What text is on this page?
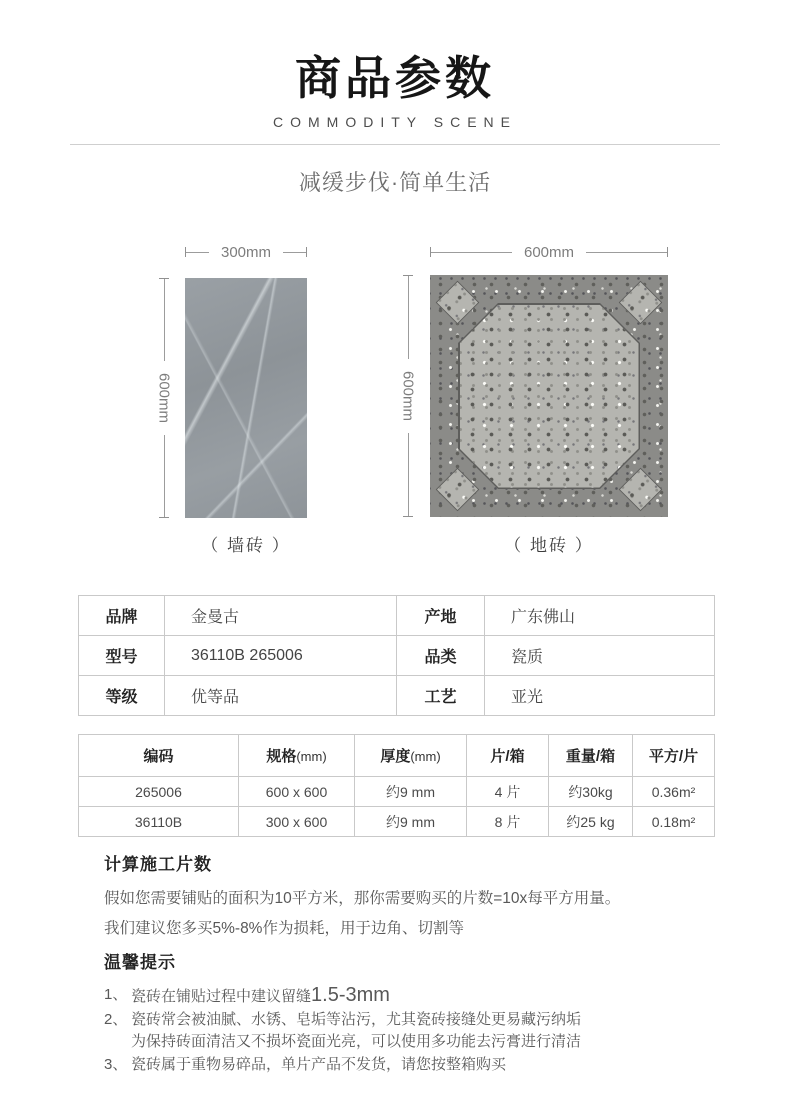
商品参数
COMMODITY SCENE
减缓步伐·简单生活
300mm
600mm
（ 墙砖 ）
600mm
600mm
（ 地砖 ）
品牌	金曼古	产地	广东佛山
型号	36110B 265006	品类	瓷质
等级	优等品	工艺	亚光
编码	规格(mm)	厚度(mm)	片/箱	重量/箱	平方/片
265006	600 x 600	约9 mm	4 片	约30kg	0.36m²
36110B	300 x 600	约9 mm	8 片	约25 kg	0.18m²
计算施工片数
假如您需要铺贴的面积为10平方米，那你需要购买的片数=10x每平方用量。
我们建议您多买5%-8%作为损耗，用于边角、切割等
温馨提示
1、 瓷砖在铺贴过程中建议留缝1.5-3mm
2、 瓷砖常会被油腻、水锈、皂垢等沾污，尤其瓷砖接缝处更易藏污纳垢
为保持砖面清洁又不损坏瓷面光亮，可以使用多功能去污膏进行清洁
3、 瓷砖属于重物易碎品，单片产品不发货，请您按整箱购买
